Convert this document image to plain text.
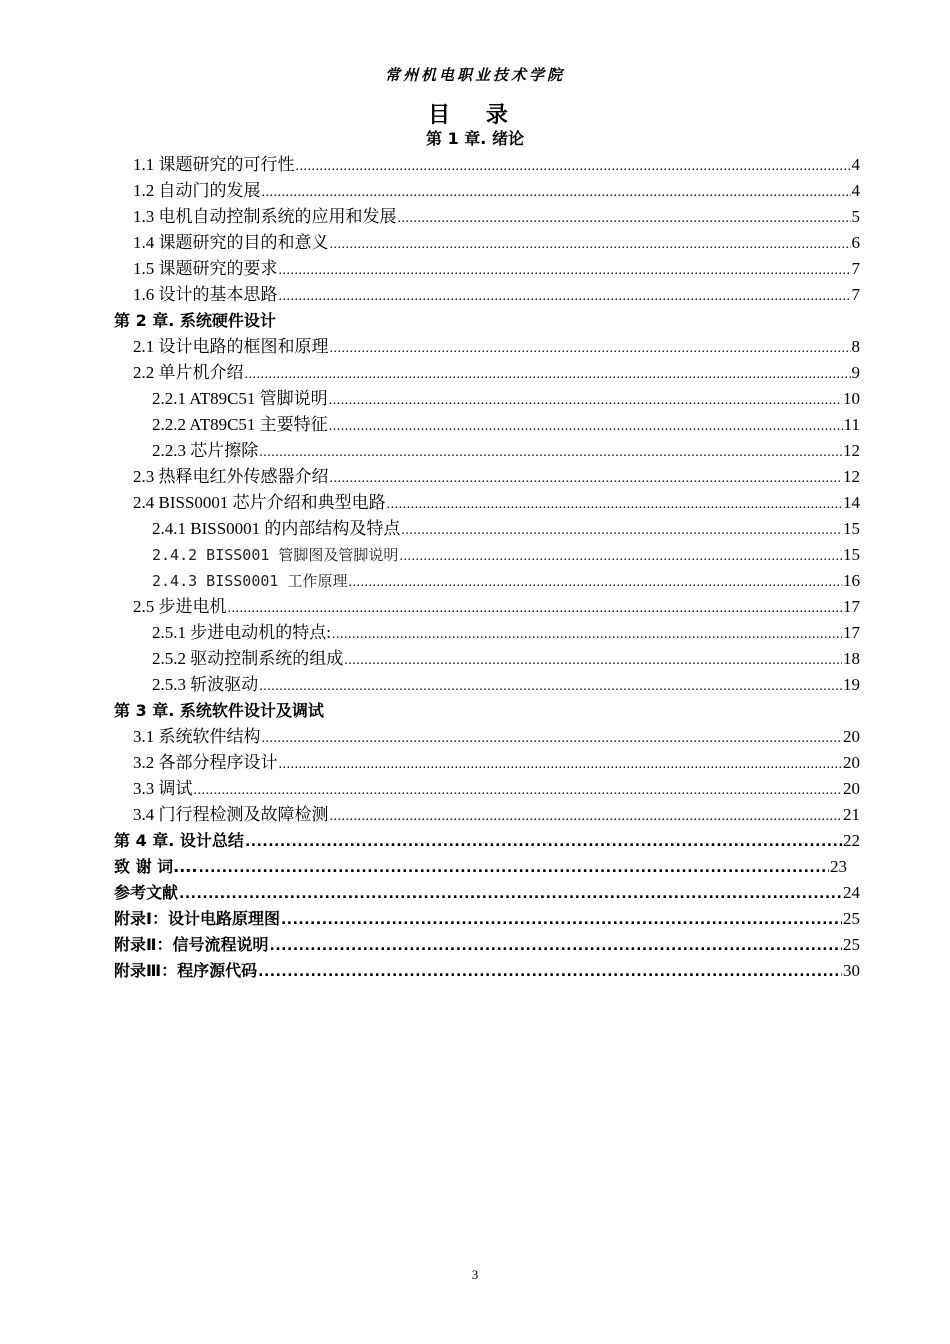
常州机电职业技术学院
目 录
第 1 章. 绪论
1.1 课题研究的可行性 .....	4
1.2 自动门的发展 .....	4
1.3 电机自动控制系统的应用和发展 .....	5
1.4 课题研究的目的和意义 .....	6
1.5 课题研究的要求 .....	7
1.6 设计的基本思路 .....	7
第 2 章. 系统硬件设计
2.1 设计电路的框图和原理 .....	8
2.2 单片机介绍 .....	9
2.2.1 AT89C51 管脚说明 .....	10
2.2.2 AT89C51 主要特征 .....	11
2.2.3 芯片擦除 .....	12
2.3 热释电红外传感器介绍 .....	12
2.4 BISS0001 芯片介绍和典型电路 .....	14
2.4.1 BISS0001 的内部结构及特点 .....	15
2.4.2 BISS001 管脚图及管脚说明 .....	15
2.4.3 BISS0001 工作原理 .....	16
2.5 步进电机 .....	17
2.5.1 步进电动机的特点: .....	17
2.5.2 驱动控制系统的组成 .....	18
2.5.3 斩波驱动 .....	19
第 3 章. 系统软件设计及调试
3.1 系统软件结构 .....	20
3.2 各部分程序设计 .....	20
3.3 调试 .....	20
3.4 门行程检测及故障检测 .....	21
第 4 章. 设计总结 .....	22
致 谢 词.... .....	23
参考文献 .....	24
附录Ⅰ：设计电路原理图 .....	25
附录Ⅱ：信号流程说明 .....	25
附录Ⅲ：程序源代码 .....	30
3
